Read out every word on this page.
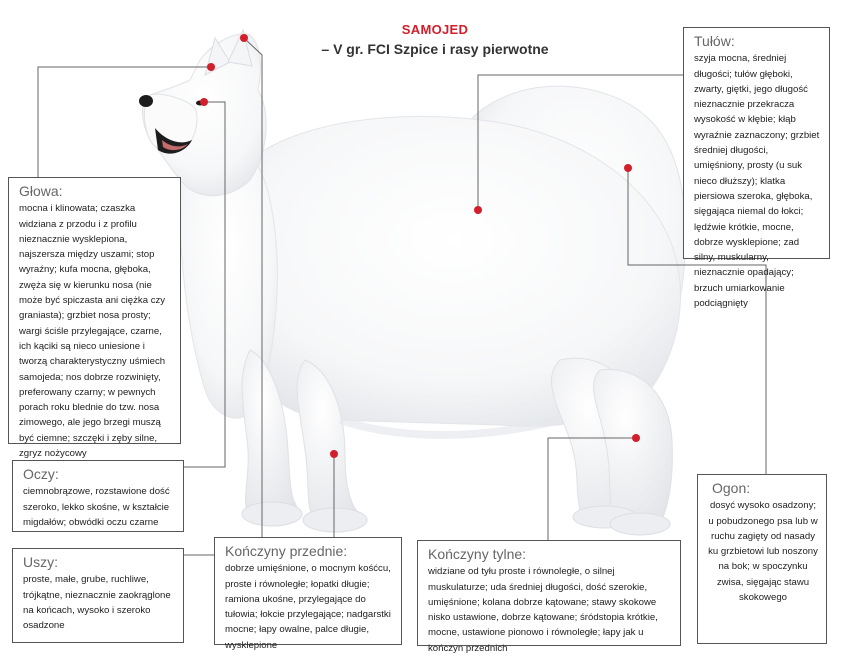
SAMOJED
– V gr. FCI Szpice i rasy pierwotne	Tułów:

szyja mocna, średniej długości; tułów głęboki, zwarty, giętki, jego długość nieznacznie przekracza wysokość w kłębie; kłąb wyraźnie zaznaczony; grzbiet średniej długości, umięśniony, prosty (u suk nieco dłuższy); klatka piersiowa szeroka, głęboka, sięgająca niemal do łokci; lędźwie krótkie, mocne, dobrze wysklepione; zad silny, muskularny, nieznacznie opadający; brzuch umiarkowanie podciągnięty

Głowa:

mocna i klinowata; czaszka widziana z przodu i z profilu nieznacznie wysklepiona, najszersza między uszami; stop wyraźny; kufa mocna, głęboka, zwęża się w kierunku nosa (nie może być spiczasta ani ciężka czy graniasta); grzbiet nosa prosty; wargi ściśle przylegające, czarne, ich kąciki są nieco uniesione i tworzą charakterystyczny uśmiech samojeda; nos dobrze rozwinięty, preferowany czarny; w pewnych porach roku blednie do tzw. nosa zimowego, ale jego brzegi muszą być ciemne; szczęki i zęby silne, zgryz nożycowy

Oczy:

ciemnobrązowe, rozstawione dość szeroko, lekko skośne, w kształcie migdałów; obwódki oczu czarne

Uszy:

proste, małe, grube, ruchliwe, trójkątne, nieznacznie zaokrąglone na końcach, wysoko i szeroko osadzone

Kończyny przednie:

dobrze umięśnione, o mocnym kośćcu, proste i równoległe; łopatki długie; ramiona ukośne, przylegające do tułowia; łokcie przylegające; nadgarstki mocne; łapy owalne, palce długie, wysklepione

Kończyny tylne:

widziane od tyłu proste i równoległe, o silnej muskulaturze; uda średniej długości, dość szerokie, umięśnione; kolana dobrze kątowane; stawy skokowe nisko ustawione, dobrze kątowane; śródstopia krótkie, mocne, ustawione pionowo i równoległe; łapy jak u kończyn przednich

Ogon:

dosyć wysoko osadzony; u pobudzonego psa lub w ruchu zagięty od nasady ku grzbietowi lub noszony na bok; w spoczynku zwisa, sięgając stawu skokowego
